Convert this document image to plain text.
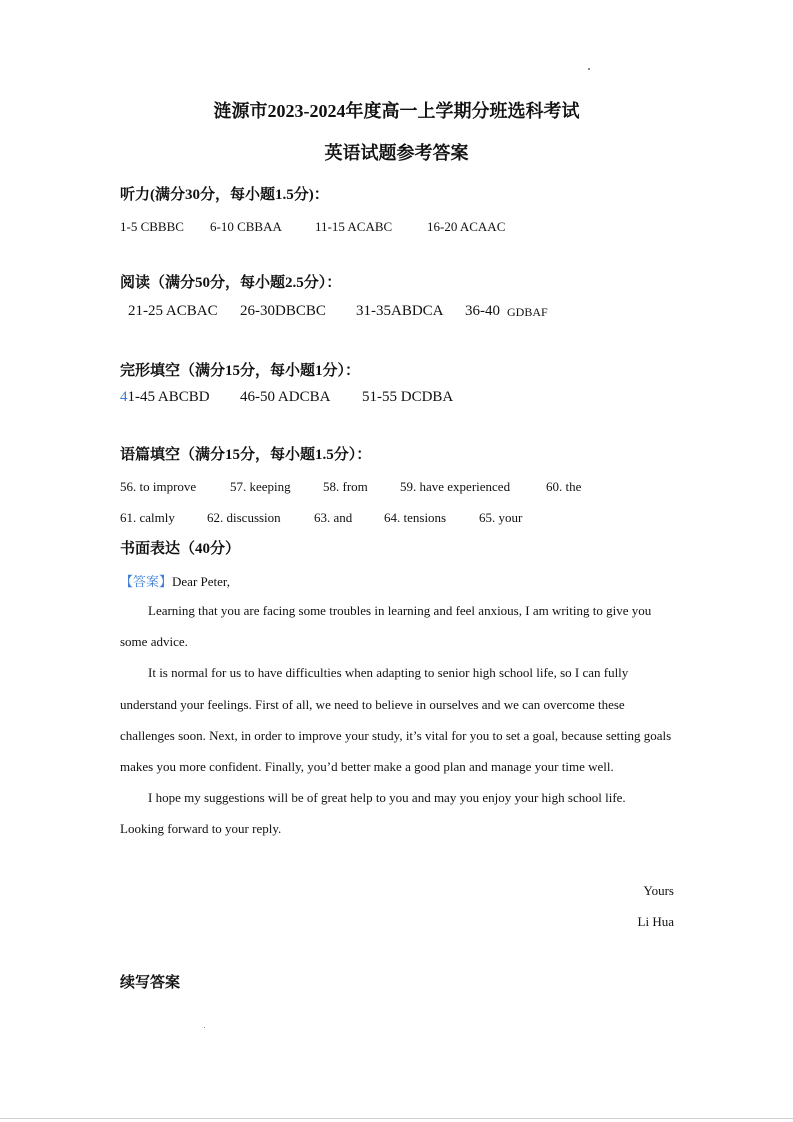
涟源市2023-2024年度高一上学期分班选科考试
英语试题参考答案
听力(满分30分，每小题1.5分)：
1-5 CBBBC 6-10 CBBAA	11-15 ACABC	16-20 ACAAC
阅读（满分50分，每小题2.5分）：
21-25 ACBAC 26-30DBCBC 31-35ABDCA 36-40 GDBAF
完形填空（满分15分，每小题1分）：
41-45 ABCBD 46-50 ADCBA 51-55 DCDBA
语篇填空（满分15分，每小题1.5分）：
56. to improve	57. keeping 58. from 59. have experienced	60. the
61. calmly 62. discussion	63. and 64. tensions	65. your
书面表达（40分）
【答案】Dear Peter,

Learning that you are facing some troubles in learning and feel anxious, I am writing to give you some advice.

It is normal for us to have difficulties when adapting to senior high school life, so I can fully understand your feelings. First of all, we need to believe in ourselves and we can overcome these challenges soon. Next, in order to improve your study, it’s vital for you to set a goal, because setting goals makes you more confident. Finally, you’d better make a good plan and manage your time well.

I hope my suggestions will be of great help to you and may you enjoy your high school life.

Looking forward to your reply.

Yours
Li Hua
续写答案
